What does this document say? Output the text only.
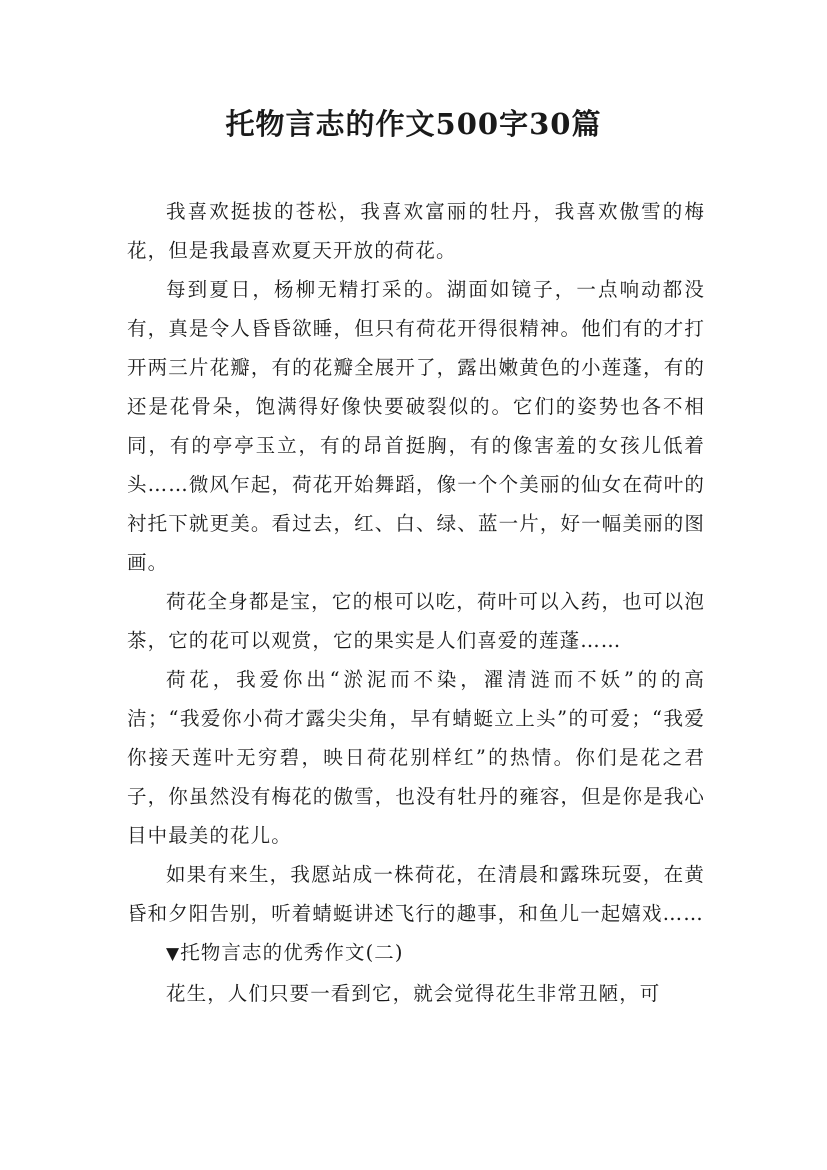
托物言志的作文500字30篇

我喜欢挺拔的苍松，我喜欢富丽的牡丹，我喜欢傲雪的梅花，但是我最喜欢夏天开放的荷花。

每到夏日，杨柳无精打采的。湖面如镜子，一点响动都没有，真是令人昏昏欲睡，但只有荷花开得很精神。他们有的才打开两三片花瓣，有的花瓣全展开了，露出嫩黄色的小莲蓬，有的还是花骨朵，饱满得好像快要破裂似的。它们的姿势也各不相同，有的亭亭玉立，有的昂首挺胸，有的像害羞的女孩儿低着头……微风乍起，荷花开始舞蹈，像一个个美丽的仙女在荷叶的衬托下就更美。看过去，红、白、绿、蓝一片，好一幅美丽的图画。

荷花全身都是宝，它的根可以吃，荷叶可以入药，也可以泡茶，它的花可以观赏，它的果实是人们喜爱的莲蓬……

荷花，我爱你出“淤泥而不染，濯清涟而不妖”的的高洁；“我爱你小荷才露尖尖角，早有蜻蜓立上头”的可爱；“我爱你接天莲叶无穷碧，映日荷花别样红”的热情。你们是花之君子，你虽然没有梅花的傲雪，也没有牡丹的雍容，但是你是我心目中最美的花儿。

如果有来生，我愿站成一株荷花，在清晨和露珠玩耍，在黄昏和夕阳告别，听着蜻蜓讲述飞行的趣事，和鱼儿一起嬉戏……

▼托物言志的优秀作文(二)

花生，人们只要一看到它，就会觉得花生非常丑陋，可
